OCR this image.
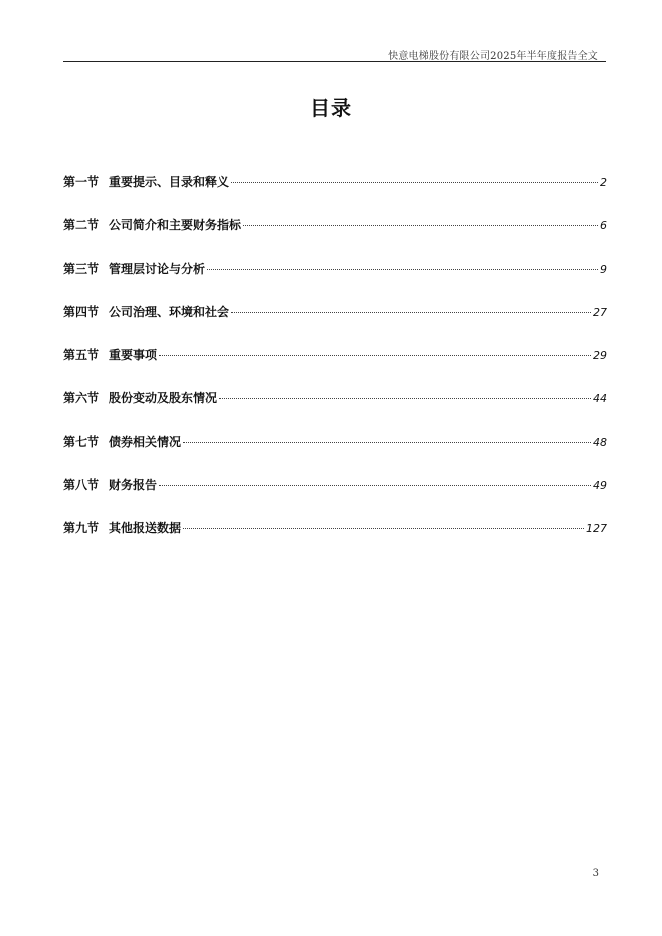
快意电梯股份有限公司2025年半年度报告全文
目录
第一节 重要提示、目录和释义	2
第二节 公司简介和主要财务指标	6
第三节 管理层讨论与分析	9
第四节 公司治理、环境和社会	27
第五节 重要事项	29
第六节 股份变动及股东情况	44
第七节 债券相关情况	48
第八节 财务报告	49
第九节 其他报送数据	127
3
